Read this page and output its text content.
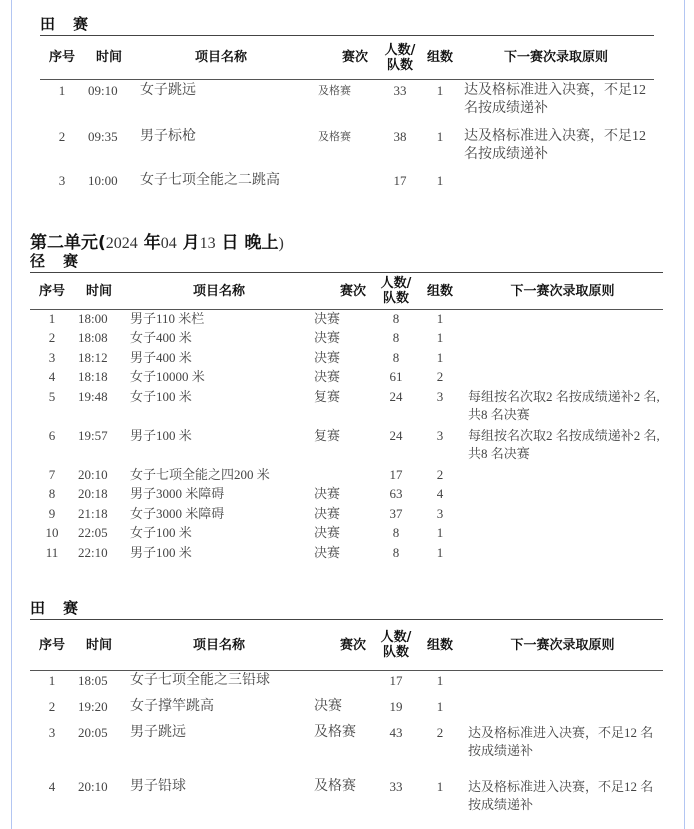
田 赛
序号	时间	项目名称	赛次	人数/
队数	组数	下一赛次录取原则
1	09:10	女子跳远	及格赛	33	1	达及格标准进入决赛，不足12 名按成绩递补
2	09:35	男子标枪	及格赛	38	1	达及格标准进入决赛，不足12 名按成绩递补
3	10:00	女子七项全能之二跳高		17	1	
第二单元(2024 年04 月13 日 晚上)
径 赛
序号	时间	项目名称	赛次	人数/
队数	组数	下一赛次录取原则
1	18:00	男子110 米栏	决赛	8	1	
2	18:08	女子400 米	决赛	8	1	
3	18:12	男子400 米	决赛	8	1	
4	18:18	女子10000 米	决赛	61	2	
5	19:48	女子100 米	复赛	24	3	每组按名次取2 名按成绩递补2 名,共8 名决赛
6	19:57	男子100 米	复赛	24	3	每组按名次取2 名按成绩递补2 名,共8 名决赛
7	20:10	女子七项全能之四200 米		17	2	
8	20:18	男子3000 米障碍	决赛	63	4	
9	21:18	女子3000 米障碍	决赛	37	3	
10	22:05	女子100 米	决赛	8	1	
11	22:10	男子100 米	决赛	8	1	
田 赛
序号	时间	项目名称	赛次	人数/
队数	组数	下一赛次录取原则
1	18:05	女子七项全能之三铅球		17	1	
2	19:20	女子撑竿跳高	决赛	19	1	
3	20:05	男子跳远	及格赛	43	2	达及格标准进入决赛，不足12 名按成绩递补
4	20:10	男子铅球	及格赛	33	1	达及格标准进入决赛，不足12 名按成绩递补
